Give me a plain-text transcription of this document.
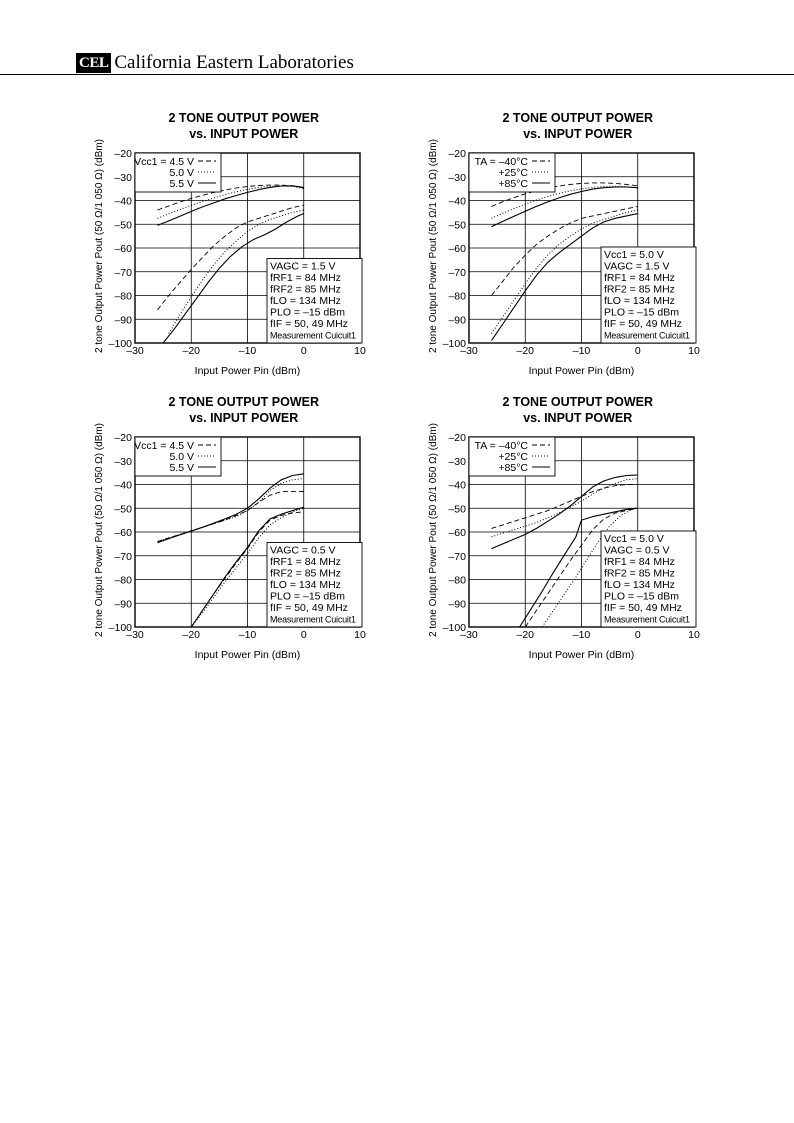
CEL California Eastern Laboratories
2 TONE OUTPUT POWER
vs. INPUT POWER
–20
–30
–40
–50
–60
–70
–80
–90
–100
–30	–20	–10	0	10
Input Power Pin (dBm)
2 tone Output Power Pout (50 Ω/1 050 Ω) (dBm)	Vcc1 = 4.5 V
5.0 V
5.5 V
VAGC = 1.5 V
fRF1 = 84 MHz
fRF2 = 85 MHz
fLO = 134 MHz
PLO = –15 dBm
fIF = 50, 49 MHz
Measurement Cuicuit1
2 TONE OUTPUT POWER
vs. INPUT POWER
–20
–30
–40
–50
–60
–70
–80
–90
–100
–30	–20	–10	0	10
Input Power Pin (dBm)
2 tone Output Power Pout (50 Ω/1 050 Ω) (dBm)	TA = –40°C
+25°C
+85°C
Vcc1 = 5.0 V
VAGC = 1.5 V
fRF1 = 84 MHz
fRF2 = 85 MHz
fLO = 134 MHz
PLO = –15 dBm
fIF = 50, 49 MHz
Measurement Cuicuit1
2 TONE OUTPUT POWER
vs. INPUT POWER
–20
–30
–40
–50
–60
–70
–80
–90
–100
–30	–20	–10	0	10
Input Power Pin (dBm)
2 tone Output Power Pout (50 Ω/1 050 Ω) (dBm)	Vcc1 = 4.5 V
5.0 V
5.5 V
VAGC = 0.5 V
fRF1 = 84 MHz
fRF2 = 85 MHz
fLO = 134 MHz
PLO = –15 dBm
fIF = 50, 49 MHz
Measurement Cuicuit1
2 TONE OUTPUT POWER
vs. INPUT POWER
–20
–30
–40
–50
–60
–70
–80
–90
–100
–30	–20	–10	0	10
Input Power Pin (dBm)
2 tone Output Power Pout (50 Ω/1 050 Ω) (dBm)	TA = –40°C
+25°C
+85°C
Vcc1 = 5.0 V
VAGC = 0.5 V
fRF1 = 84 MHz
fRF2 = 85 MHz
fLO = 134 MHz
PLO = –15 dBm
fIF = 50, 49 MHz
Measurement Cuicuit1
